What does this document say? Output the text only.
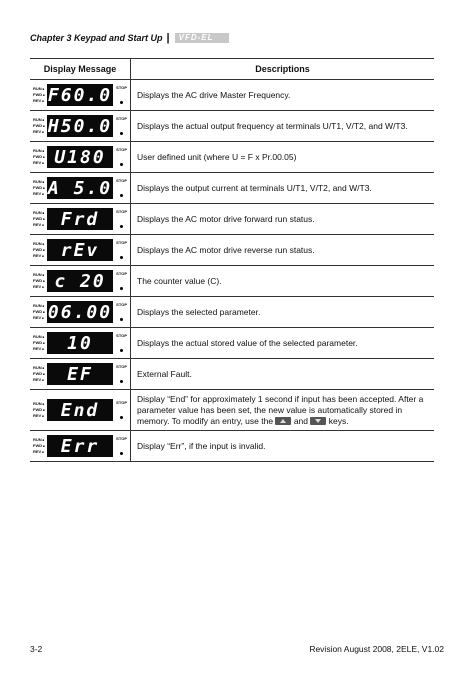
Chapter 3 Keypad and Start Up |	VFD-EL
Display Message	Descriptions

RUN ■
FWD ■
REV ■ F60.0 STOP	Displays the AC drive Master Frequency.

RUN ■
FWD ■
REV ■ H50.0 STOP	Displays the actual output frequency at terminals U/T1, V/T2, and W/T3.

RUN ■
FWD ■
REV ■ U180 STOP	User defined unit (where U = F x Pr.00.05)

RUN ■
FWD ■
REV ■ A 5.0 STOP	Displays the output current at terminals U/T1, V/T2, and W/T3.

RUN ■
FWD ■
REV ■ Frd STOP	Displays the AC motor drive forward run status.

RUN ■
FWD ■
REV ■ rEv STOP	Displays the AC motor drive reverse run status.

RUN ■
FWD ■
REV ■ c 20 STOP	The counter value (C).

RUN ■
FWD ■
REV ■ 06.00 STOP	Displays the selected parameter.

RUN ■
FWD ■
REV ■ 10 STOP	Displays the actual stored value of the selected parameter.

RUN ■
FWD ■
REV ■ EF STOP	External Fault.

RUN ■
FWD ■
REV ■ End STOP	Display “End” for approximately 1 second if input has been accepted. After a parameter value has been set, the new value is automatically stored in memory. To modify an entry, use the and keys.

RUN ■
FWD ■
REV ■ Err STOP	Display “Err”, if the input is invalid.
3-2	Revision August 2008, 2ELE, V1.02
